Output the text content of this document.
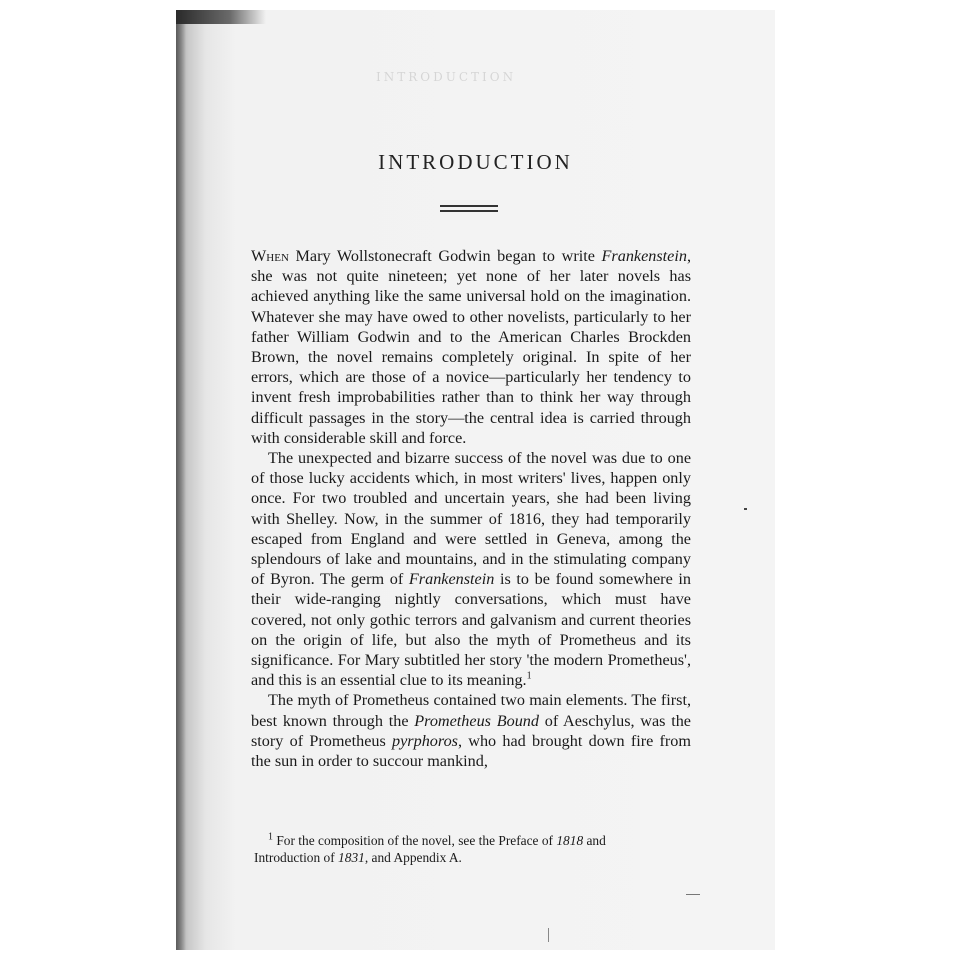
INTRODUCTION
INTRODUCTION

When Mary Wollstonecraft Godwin began to write Frankenstein, she was not quite nineteen; yet none of her later novels has achieved anything like the same universal hold on the imagination. Whatever she may have owed to other novelists, particularly to her father William Godwin and to the American Charles Brockden Brown, the novel remains completely original. In spite of her errors, which are those of a novice—particularly her tendency to invent fresh improbabilities rather than to think her way through difficult passages in the story—the central idea is carried through with considerable skill and force.

The unexpected and bizarre success of the novel was due to one of those lucky accidents which, in most writers' lives, happen only once. For two troubled and uncertain years, she had been living with Shelley. Now, in the summer of 1816, they had temporarily escaped from England and were settled in Geneva, among the splendours of lake and mountains, and in the stimulating company of Byron. The germ of Frankenstein is to be found somewhere in their wide-ranging nightly conversations, which must have covered, not only gothic terrors and galvanism and current theories on the origin of life, but also the myth of Prometheus and its significance. For Mary subtitled her story 'the modern Prometheus', and this is an essential clue to its meaning.$^1$

The myth of Prometheus contained two main elements. The first, best known through the Prometheus Bound of Aeschylus, was the story of Prometheus pyrphoros, who had brought down fire from the sun in order to succour mankind,

$^1$ For the composition of the novel, see the Preface of 1818 and
Introduction of 1831, and Appendix A.
